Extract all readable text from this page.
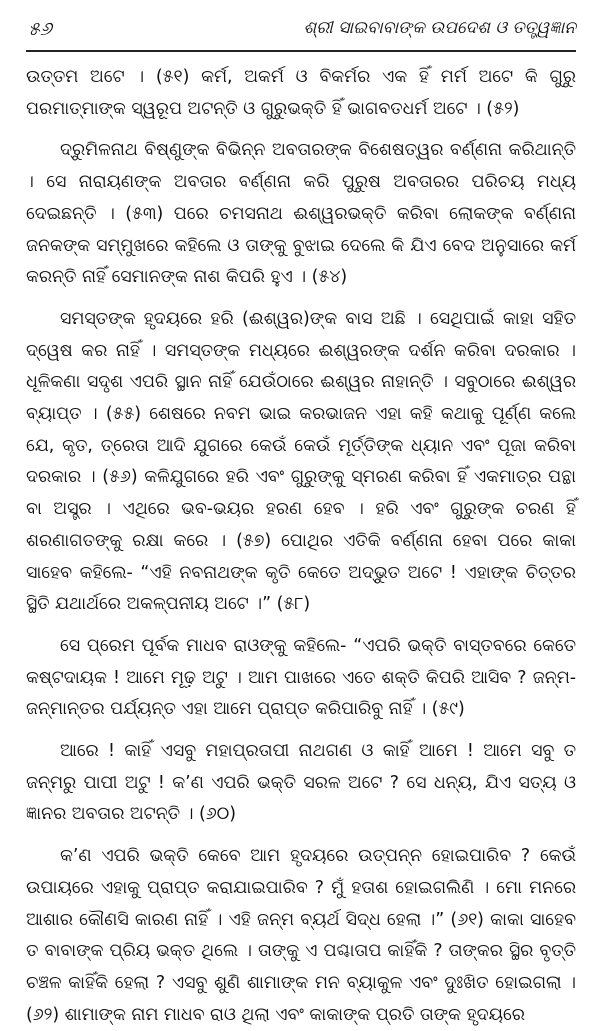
୫୬	ଶ୍ରୀ ସାଇବାବାଙ୍କ ଉପଦେଶ ଓ ତତ୍ତ୍ୱଜ୍ଞାନ

ଉତ୍ତମ ଅଟେ । (୫୧) କର୍ମ, ଅକର୍ମ ଓ ବିକର୍ମର ଏକ ହିଁ ମର୍ମ ଅଟେ କି ଗୁରୁ ପରମାତ୍ମାଙ୍କ ସ୍ୱରୂପ ଅଟନ୍ତି ଓ ଗୁରୁଭକ୍ତି ହିଁ ଭାଗବତଧର୍ମ ଅଟେ । (୫୨)

ଦ୍ରୁମିଳନାଥ ବିଷ୍ଣୁଙ୍କ ବିଭିନ୍ନ ଅବତାରଙ୍କ ବିଶେଷତ୍ୱର ବର୍ଣ୍ଣନା କରିଥାନ୍ତି । ସେ ନାରାୟଣଙ୍କ ଅବତାର ବର୍ଣ୍ଣନା କରି ପୁରୁଷ ଅବତାରର ପରିଚୟ ମଧ୍ୟ ଦେଇଛନ୍ତି । (୫୩) ପରେ ଚମସନାଥ ଈଶ୍ୱରଭକ୍ତି କରିବା ଲୋକଙ୍କ ବର୍ଣ୍ଣନା ଜନକଙ୍କ ସମ୍ମୁଖରେ କହିଲେ ଓ ତାଙ୍କୁ ବୁଝାଇ ଦେଲେ କି ଯିଏ ବେଦ ଅନୁସାରେ କର୍ମ କରନ୍ତି ନାହିଁ ସେମାନଙ୍କ ନାଶ କିପରି ହୁଏ । (୫୪)

ସମସ୍ତଙ୍କ ହୃଦୟରେ ହରି (ଈଶ୍ୱର)ଙ୍କ ବାସ ଅଛି । ସେଥିପାଇଁ କାହା ସହିତ ଦ୍ୱେଷ କର ନାହିଁ । ସମସ୍ତଙ୍କ ମଧ୍ୟରେ ଈଶ୍ୱରଙ୍କ ଦର୍ଶନ କରିବା ଦରକାର । ଧୂଳିକଣା ସଦୃଶ ଏପରି ସ୍ଥାନ ନାହିଁ ଯେଉଁଠାରେ ଈଶ୍ୱର ନାହାନ୍ତି । ସବୁଠାରେ ଈଶ୍ୱର ବ୍ୟାପ୍ତ । (୫୫) ଶେଷରେ ନବମ ଭାଇ କରଭାଜନ ଏହା କହି କଥାକୁ ପୂର୍ଣ୍ଣ କଲେ ଯେ, କୃତ, ତ୍ରେତା ଆଦି ଯୁଗରେ କେଉଁ କେଉଁ ମୂର୍ତ୍ତିଙ୍କ ଧ୍ୟାନ ଏବଂ ପୂଜା କରିବା ଦରକାର । (୫୬) କଳିଯୁଗରେ ହରି ଏବଂ ଗୁରୁଙ୍କୁ ସ୍ମରଣ କରିବା ହିଁ ଏକମାତ୍ର ପନ୍ଥା ବା ଅସ୍ତ୍ର । ଏଥିରେ ଭବ-ଭୟର ହରଣ ହେବ । ହରି ଏବଂ ଗୁରୁଙ୍କ ଚରଣ ହିଁ ଶରଣାଗତଙ୍କୁ ରକ୍ଷା କରେ । (୫୭) ପୋଥିର ଏତିକି ବର୍ଣ୍ଣନା ହେବା ପରେ କାକା ସାହେବ କହିଲେ- “ଏହି ନବନାଥଙ୍କ କୃତି କେତେ ଅଦ୍‌ଭୁତ ଅଟେ ! ଏହାଙ୍କ ଚିତ୍ତର ସ୍ଥିତି ଯଥାର୍ଥରେ ଅକଳ୍ପନୀୟ ଅଟେ ।” (୫୮)

ସେ ପ୍ରେମ ପୂର୍ବକ ମାଧବ ରାଓଙ୍କୁ କହିଲେ- “ଏପରି ଭକ୍ତି ବାସ୍ତବରେ କେତେ କଷ୍ଟଦାୟକ ! ଆମେ ମୂଢ଼ ଅଟୁ । ଆମ ପାଖରେ ଏତେ ଶକ୍ତି କିପରି ଆସିବ ? ଜନ୍ମ-ଜନ୍ମାନ୍ତର ପର୍ଯ୍ୟନ୍ତ ଏହା ଆମେ ପ୍ରାପ୍ତ କରିପାରିବୁ ନାହିଁ । (୫୯)

ଆରେ ! କାହିଁ ଏସବୁ ମହାପ୍ରତାପୀ ନାଥଗଣ ଓ କାହିଁ ଆମେ ! ଆମେ ସବୁ ତ ଜନ୍ମରୁ ପାପୀ ଅଟୁ ! କ’ଣ ଏପରି ଭକ୍ତି ସରଳ ଅଟେ ? ସେ ଧନ୍ୟ, ଯିଏ ସତ୍ୟ ଓ ଜ୍ଞାନର ଅବତାର ଅଟନ୍ତି । (୬୦)

କ’ଣ ଏପରି ଭକ୍ତି କେବେ ଆମ ହୃଦୟରେ ଉତ୍ପନ୍ନ ହୋଇପାରିବ ? କେଉଁ ଉପାୟରେ ଏହାକୁ ପ୍ରାପ୍ତ କରାଯାଇପାରିବ ? ମୁଁ ହତାଶ ହୋଇଗଲିଣି । ମୋ ମନରେ ଆଶାର କୌଣସି କାରଣ ନାହିଁ । ଏହି ଜନ୍ମ ବ୍ୟର୍ଥ ସିଦ୍ଧ ହେଲା ।” (୬୧) କାକା ସାହେବ ତ ବାବାଙ୍କ ପ୍ରିୟ ଭକ୍ତ ଥିଲେ । ତାଙ୍କୁ ଏ ପଶ୍ଚାତାପ କାହିଁକି ? ତାଙ୍କର ସ୍ଥିର ବୃତ୍ତି ଚଞ୍ଚଳ କାହିଁକି ହେଲା ? ଏସବୁ ଶୁଣି ଶାମାଙ୍କ ମନ ବ୍ୟାକୁଳ ଏବଂ ଦୁଃଖିତ ହୋଇଗଲା । (୬୨) ଶାମାଙ୍କ ନାମ ମାଧବ ରାଓ ଥିଲା ଏବଂ କାକାଙ୍କ ପ୍ରତି ତାଙ୍କ ହୃଦୟରେ
